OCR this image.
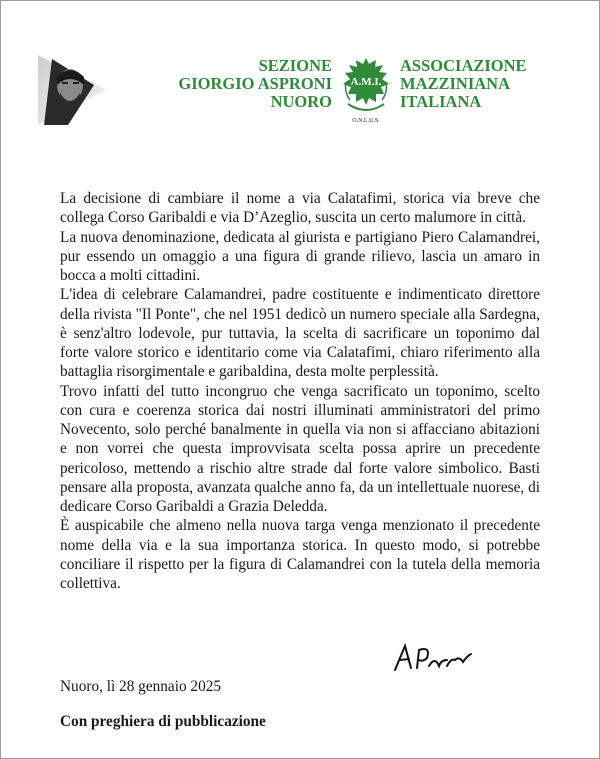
SEZIONE
GIORGIO ASPRONI
NUORO
A.M.I.
O.N.L.U.S.
ASSOCIAZIONE
MAZZINIANA
ITALIANA

La decisione di cambiare il nome a via Calatafimi, storica via breve che collega Corso Garibaldi e via D’Azeglio, suscita un certo malumore in città.

La nuova denominazione, dedicata al giurista e partigiano Piero Calamandrei, pur essendo un omaggio a una figura di grande rilievo, lascia un amaro in bocca a molti cittadini.

L'idea di celebrare Calamandrei, padre costituente e indimenticato direttore della rivista "Il Ponte", che nel 1951 dedicò un numero speciale alla Sardegna, è senz'altro lodevole, pur tuttavia, la scelta di sacrificare un toponimo dal forte valore storico e identitario come via Calatafimi, chiaro riferimento alla battaglia risorgimentale e garibaldina, desta molte perplessità.

Trovo infatti del tutto incongruo che venga sacrificato un toponimo, scelto con cura e coerenza storica dai nostri illuminati amministratori del primo Novecento, solo perché banalmente in quella via non si affacciano abitazioni e non vorrei che questa improvvisata scelta possa aprire un precedente pericoloso, mettendo a rischio altre strade dal forte valore simbolico. Basti pensare alla proposta, avanzata qualche anno fa, da un intellettuale nuorese, di dedicare Corso Garibaldi a Grazia Deledda.

È auspicabile che almeno nella nuova targa venga menzionato il precedente nome della via e la sua importanza storica. In questo modo, si potrebbe conciliare il rispetto per la figura di Calamandrei con la tutela della memoria collettiva.

Nuoro, lì 28 gennaio 2025
Con preghiera di pubblicazione
